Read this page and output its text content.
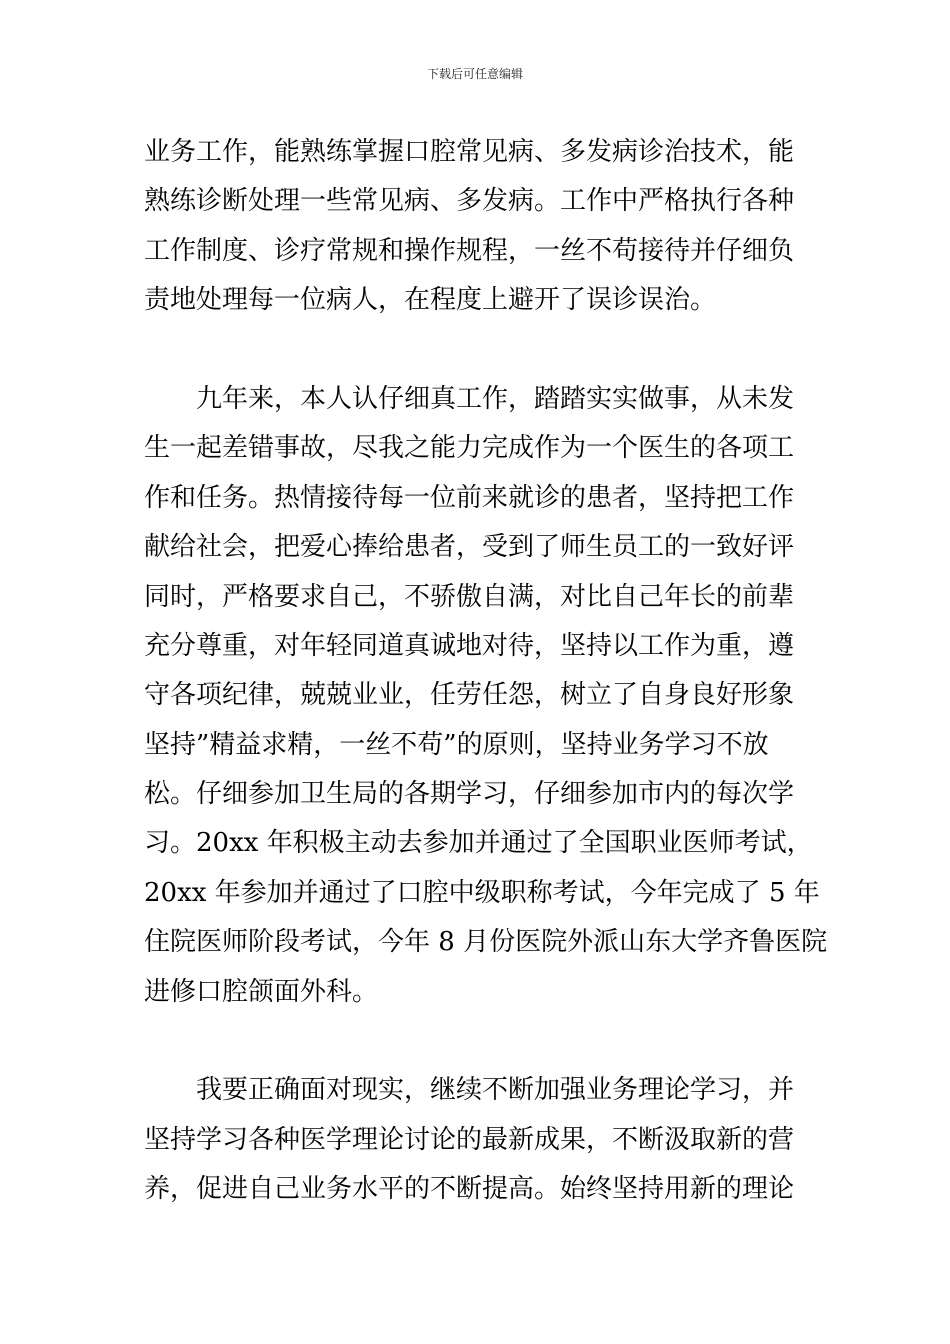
下载后可任意编辑
业务工作，能熟练掌握口腔常见病、多发病诊治技术，能
熟练诊断处理一些常见病、多发病。工作中严格执行各种
工作制度、诊疗常规和操作规程，一丝不苟接待并仔细负
责地处理每一位病人，在程度上避开了误诊误治。
　　九年来，本人认仔细真工作，踏踏实实做事，从未发
生一起差错事故，尽我之能力完成作为一个医生的各项工
作和任务。热情接待每一位前来就诊的患者，坚持把工作
献给社会，把爱心捧给患者，受到了师生员工的一致好评
同时，严格要求自己，不骄傲自满，对比自己年长的前辈
充分尊重，对年轻同道真诚地对待，坚持以工作为重，遵
守各项纪律，兢兢业业，任劳任怨，树立了自身良好形象
坚持”精益求精，一丝不苟”的原则，坚持业务学习不放
松。仔细参加卫生局的各期学习，仔细参加市内的每次学
习。20xx 年积极主动去参加并通过了全国职业医师考试，
20xx 年参加并通过了口腔中级职称考试，今年完成了 5 年
住院医师阶段考试，今年 8 月份医院外派山东大学齐鲁医院
进修口腔颌面外科。
　　我要正确面对现实，继续不断加强业务理论学习，并
坚持学习各种医学理论讨论的最新成果，不断汲取新的营
养，促进自己业务水平的不断提高。始终坚持用新的理论
